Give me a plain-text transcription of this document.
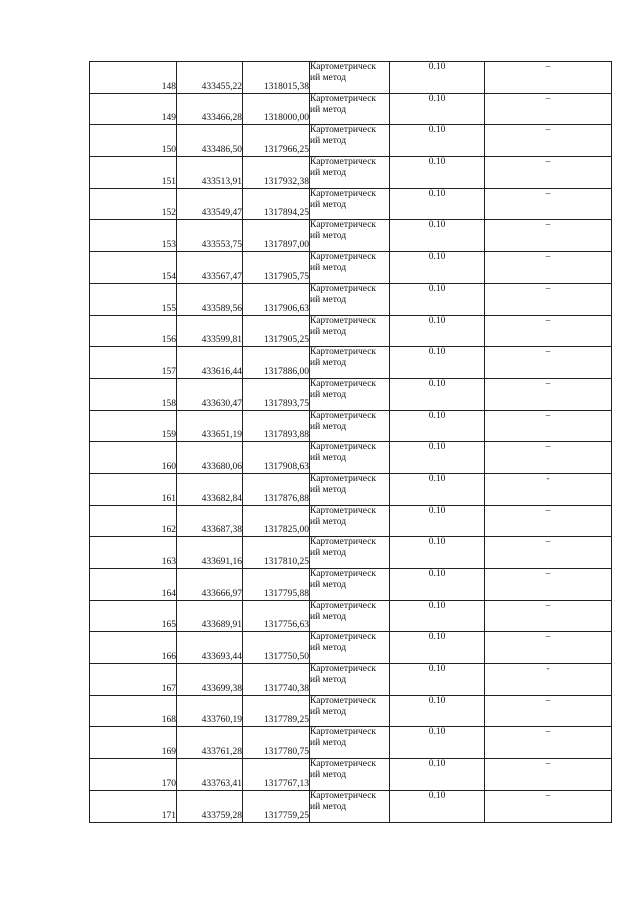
148	433455,22	1318015,38	Картометрическ
ий метод	0.10	–
149	433466,28	1318000,00	Картометрическ
ий метод	0.10	–
150	433486,50	1317966,25	Картометрическ
ий метод	0.10	–
151	433513,91	1317932,38	Картометрическ
ий метод	0.10	–
152	433549,47	1317894,25	Картометрическ
ий метод	0.10	–
153	433553,75	1317897,00	Картометрическ
ий метод	0.10	–
154	433567,47	1317905,75	Картометрическ
ий метод	0.10	–
155	433589,56	1317906,63	Картометрическ
ий метод	0.10	–
156	433599,81	1317905,25	Картометрическ
ий метод	0.10	–
157	433616,44	1317886,00	Картометрическ
ий метод	0.10	–
158	433630,47	1317893,75	Картометрическ
ий метод	0.10	–
159	433651,19	1317893,88	Картометрическ
ий метод	0.10	–
160	433680,06	1317908,63	Картометрическ
ий метод	0.10	–
161	433682,84	1317876,88	Картометрическ
ий метод	0.10	-
162	433687,38	1317825,00	Картометрическ
ий метод	0.10	–
163	433691,16	1317810,25	Картометрическ
ий метод	0.10	–
164	433666,97	1317795,88	Картометрическ
ий метод	0.10	–
165	433689,91	1317756,63	Картометрическ
ий метод	0.10	–
166	433693,44	1317750,50	Картометрическ
ий метод	0.10	–
167	433699,38	1317740,38	Картометрическ
ий метод	0.10	-
168	433760,19	1317789,25	Картометрическ
ий метод	0.10	–
169	433761,28	1317780,75	Картометрическ
ий метод	0.10	–
170	433763,41	1317767,13	Картометрическ
ий метод	0.10	–
171	433759,28	1317759,25	Картометрическ
ий метод	0.10	–
